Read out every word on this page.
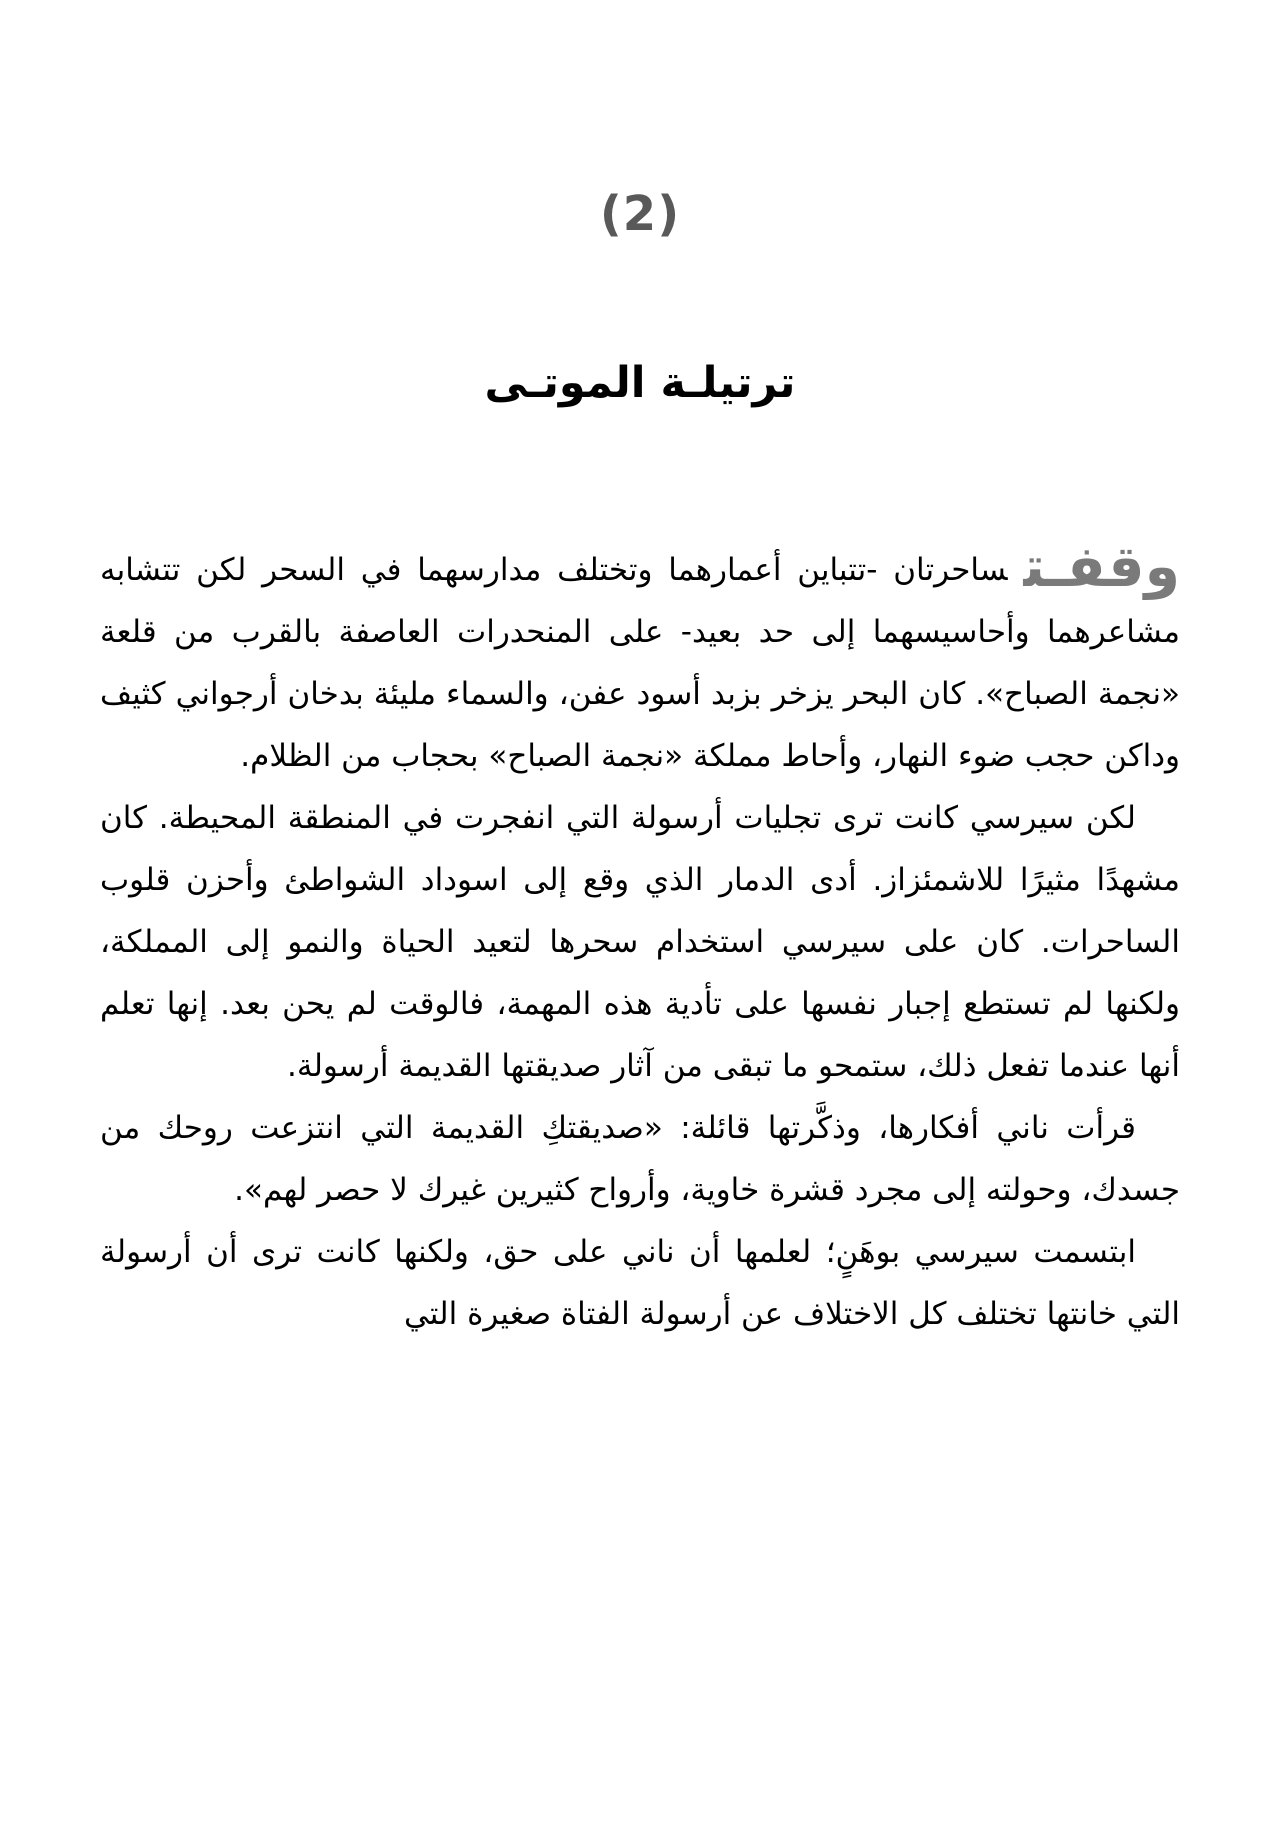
(2)
ترتيلـة الموتـى

وقفـتساحرتان -تتباين أعمارهما وتختلف مدارسهما في السحر لكن تتشابه مشاعرهما وأحاسيسهما إلى حد بعيد- على المنحدرات العاصفة بالقرب من قلعة «نجمة الصباح». كان البحر يزخر بزبد أسود عفن، والسماء مليئة بدخان أرجواني كثيف وداكن حجب ضوء النهار، وأحاط مملكة «نجمة الصباح» بحجاب من الظلام.

لكن سيرسي كانت ترى تجليات أرسولة التي انفجرت في المنطقة المحيطة. كان مشهدًا مثيرًا للاشمئزاز. أدى الدمار الذي وقع إلى اسوداد الشواطئ وأحزن قلوب الساحرات. كان على سيرسي استخدام سحرها لتعيد الحياة والنمو إلى المملكة، ولكنها لم تستطع إجبار نفسها على تأدية هذه المهمة، فالوقت لم يحن بعد. إنها تعلم أنها عندما تفعل ذلك، ستمحو ما تبقى من آثار صديقتها القديمة أرسولة.

قرأت ناني أفكارها، وذكَّرتها قائلة: «صديقتكِ القديمة التي انتزعت روحك من جسدك، وحولته إلى مجرد قشرة خاوية، وأرواح كثيرين غيرك لا حصر لهم».

ابتسمت سيرسي بوهَنٍ؛ لعلمها أن ناني على حق، ولكنها كانت ترى أن أرسولة التي خانتها تختلف كل الاختلاف عن أرسولة الفتاة صغيرة التي
